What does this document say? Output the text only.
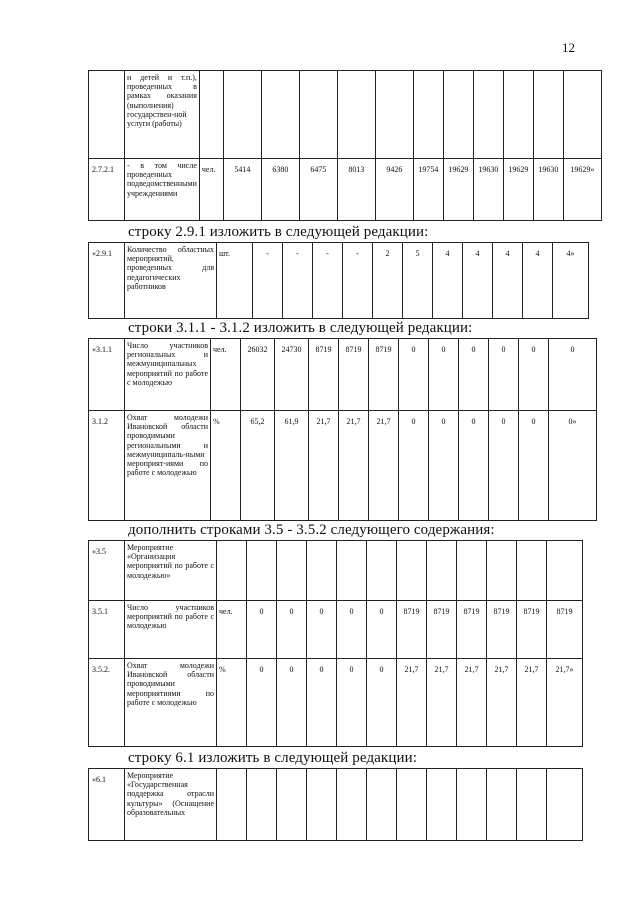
12
	и детей и т.п.), проведенных в рамках оказания (выполнения) государствен-ной услуги (работы)												
2.7.2.1	- в том числе проведенных подведомственными учреждениями	чел.	5414	6380	6475	8013	9426	19754	19629	19630	19629	19630	19629»
строку 2.9.1 изложить в следующей редакции:
«2.9.1	Количество областных мероприятий, проведенных для педагогических работников	шт.	-	-	-	-	2	5	4	4	4	4	4»
строки 3.1.1 - 3.1.2 изложить в следующей редакции:
«3.1.1	Число участников региональных и межмуниципальных мероприятий по работе с молодежью	чел.	26032	24730	8719	8719	8719	0	0	0	0	0	0
3.1.2	Охват молодежи Ивановской области проводимыми региональными и межмуниципаль-ными мероприят-иями по работе с молодежью	%	65,2	61,9	21,7	21,7	21,7	0	0	0	0	0	0»
дополнить строками 3.5 - 3.5.2 следующего содержания:
«3.5	Мероприятие «Организация мероприятий по работе с молодежью»												
3.5.1	Число участников мероприятий по работе с молодежью	чел.	0	0	0	0	0	8719	8719	8719	8719	8719	8719
3.5.2.	Охват молодежи Ивановской области проводимыми мероприятиями по работе с молодежью	%	0	0	0	0	0	21,7	21,7	21,7	21,7	21,7	21,7»
строку 6.1 изложить в следующей редакции:
«6.1	Мероприятие «Государственная поддержка отрасли культуры» (Оснащение образовательных												
